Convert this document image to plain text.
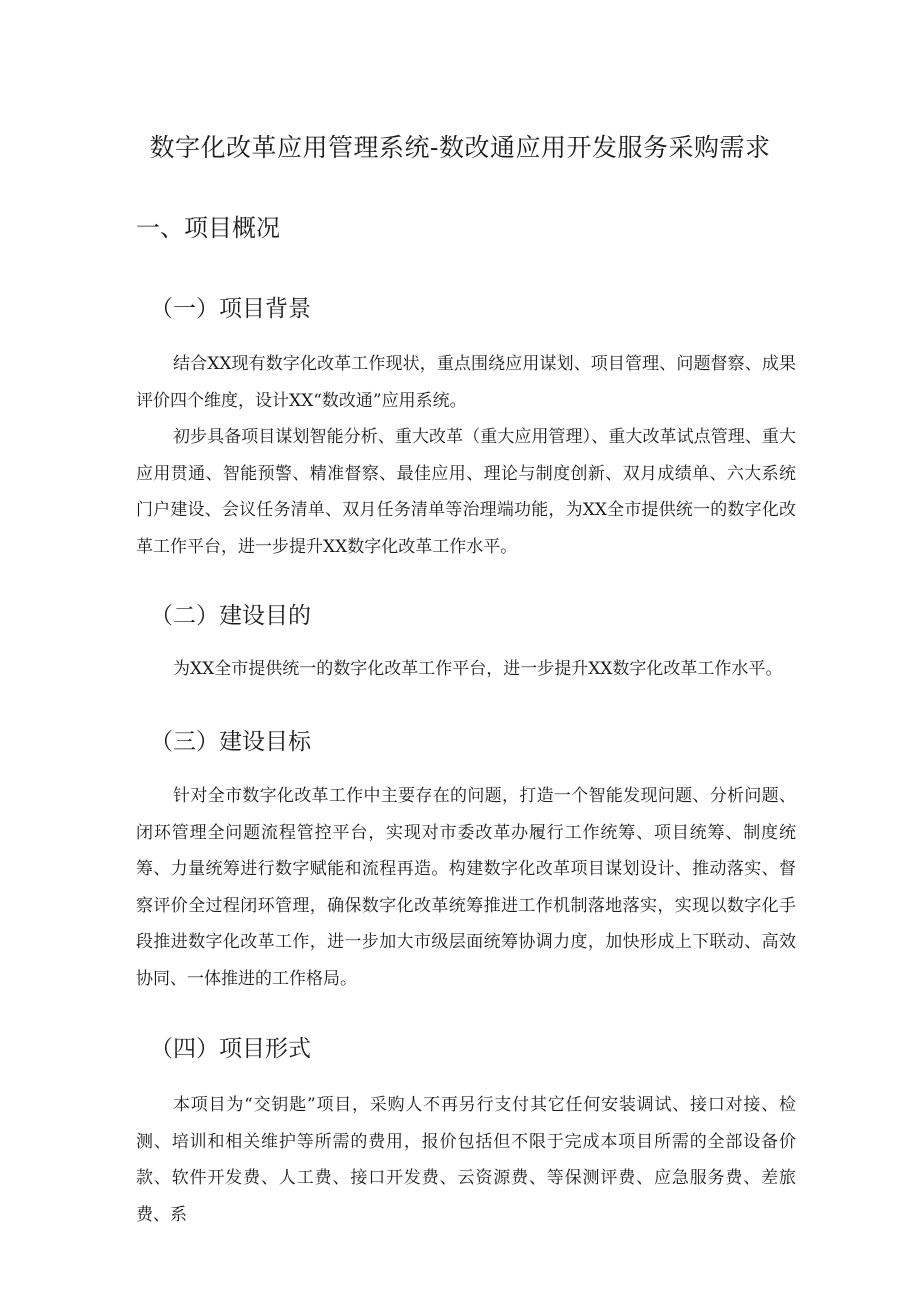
数字化改革应用管理系统-数改通应用开发服务采购需求
一、项目概况
（一）项目背景

结合XX现有数字化改革工作现状，重点围绕应用谋划、项目管理、问题督察、成果评价四个维度，设计XX“数改通”应用系统。

初步具备项目谋划智能分析、重大改革（重大应用管理）、重大改革试点管理、重大应用贯通、智能预警、精准督察、最佳应用、理论与制度创新、双月成绩单、六大系统门户建设、会议任务清单、双月任务清单等治理端功能，为XX全市提供统一的数字化改革工作平台，进一步提升XX数字化改革工作水平。

（二）建设目的

为XX全市提供统一的数字化改革工作平台，进一步提升XX数字化改革工作水平。

（三）建设目标

针对全市数字化改革工作中主要存在的问题，打造一个智能发现问题、分析问题、闭环管理全问题流程管控平台，实现对市委改革办履行工作统筹、项目统筹、制度统筹、力量统筹进行数字赋能和流程再造。构建数字化改革项目谋划设计、推动落实、督察评价全过程闭环管理，确保数字化改革统筹推进工作机制落地落实，实现以数字化手段推进数字化改革工作，进一步加大市级层面统筹协调力度，加快形成上下联动、高效协同、一体推进的工作格局。

（四）项目形式

本项目为“交钥匙”项目，采购人不再另行支付其它任何安装调试、接口对接、检测、培训和相关维护等所需的费用，报价包括但不限于完成本项目所需的全部设备价款、软件开发费、人工费、接口开发费、云资源费、等保测评费、应急服务费、差旅费、系
